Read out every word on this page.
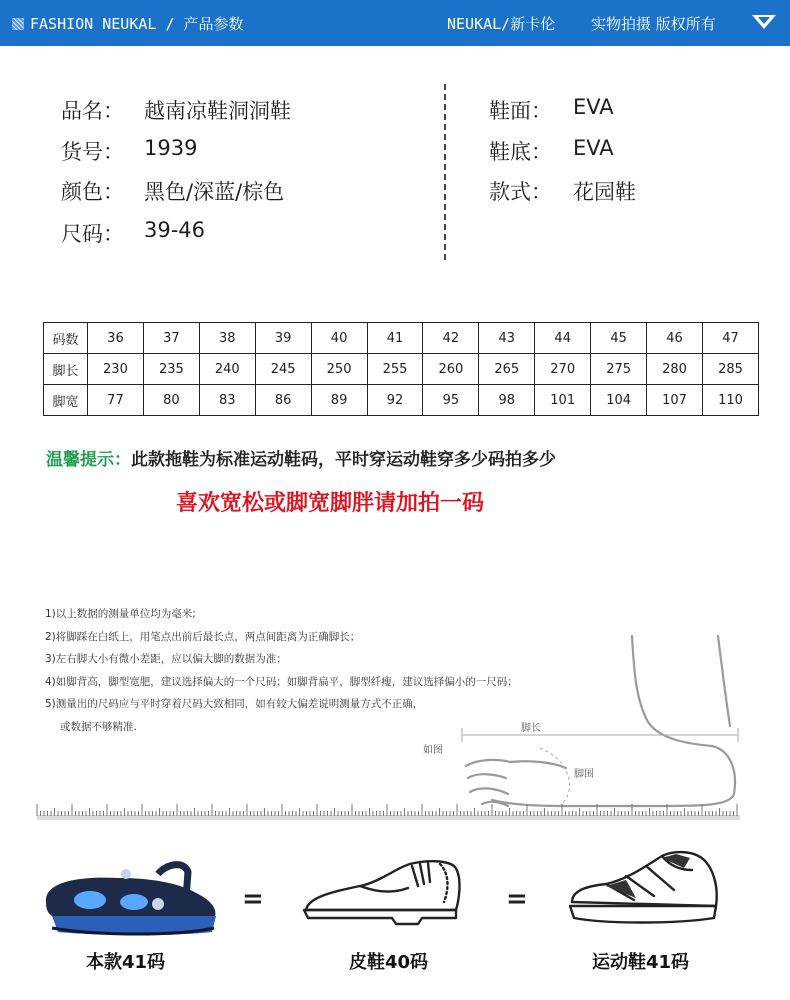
FASHION NEUKAL / 产品参数	NEUKAL/新卡伦 实物拍摄 版权所有
品名： 越南凉鞋洞洞鞋
货号： 1939
颜色： 黑色/深蓝/棕色
尺码： 39-46
鞋面： EVA
鞋底： EVA
款式： 花园鞋
码数	36	37	38	39	40	41	42	43	44	45	46	47
脚长	230	235	240	245	250	255	260	265	270	275	280	285
脚宽	77	80	83	86	89	92	95	98	101	104	107	110
温馨提示：此款拖鞋为标准运动鞋码，平时穿运动鞋穿多少码拍多少
喜欢宽松或脚宽脚胖请加拍一码
1)以上数据的测量单位均为毫米;
2)将脚踩在白纸上，用笔点出前后最长点，两点间距离为正确脚长；
3)左右脚大小有微小差距，应以偏大脚的数据为准；
4)如脚背高，脚型宽肥，建议选择偏大的一个尺码；如脚背扁平，脚型纤瘦，建议选择偏小的一尺码；
5)测量出的尺码应与平时穿着尺码大致相同，如有较大偏差说明测量方式不正确，
或数据不够精准.	脚长
如图
脚围
=	=
本款41码	皮鞋40码	运动鞋41码
